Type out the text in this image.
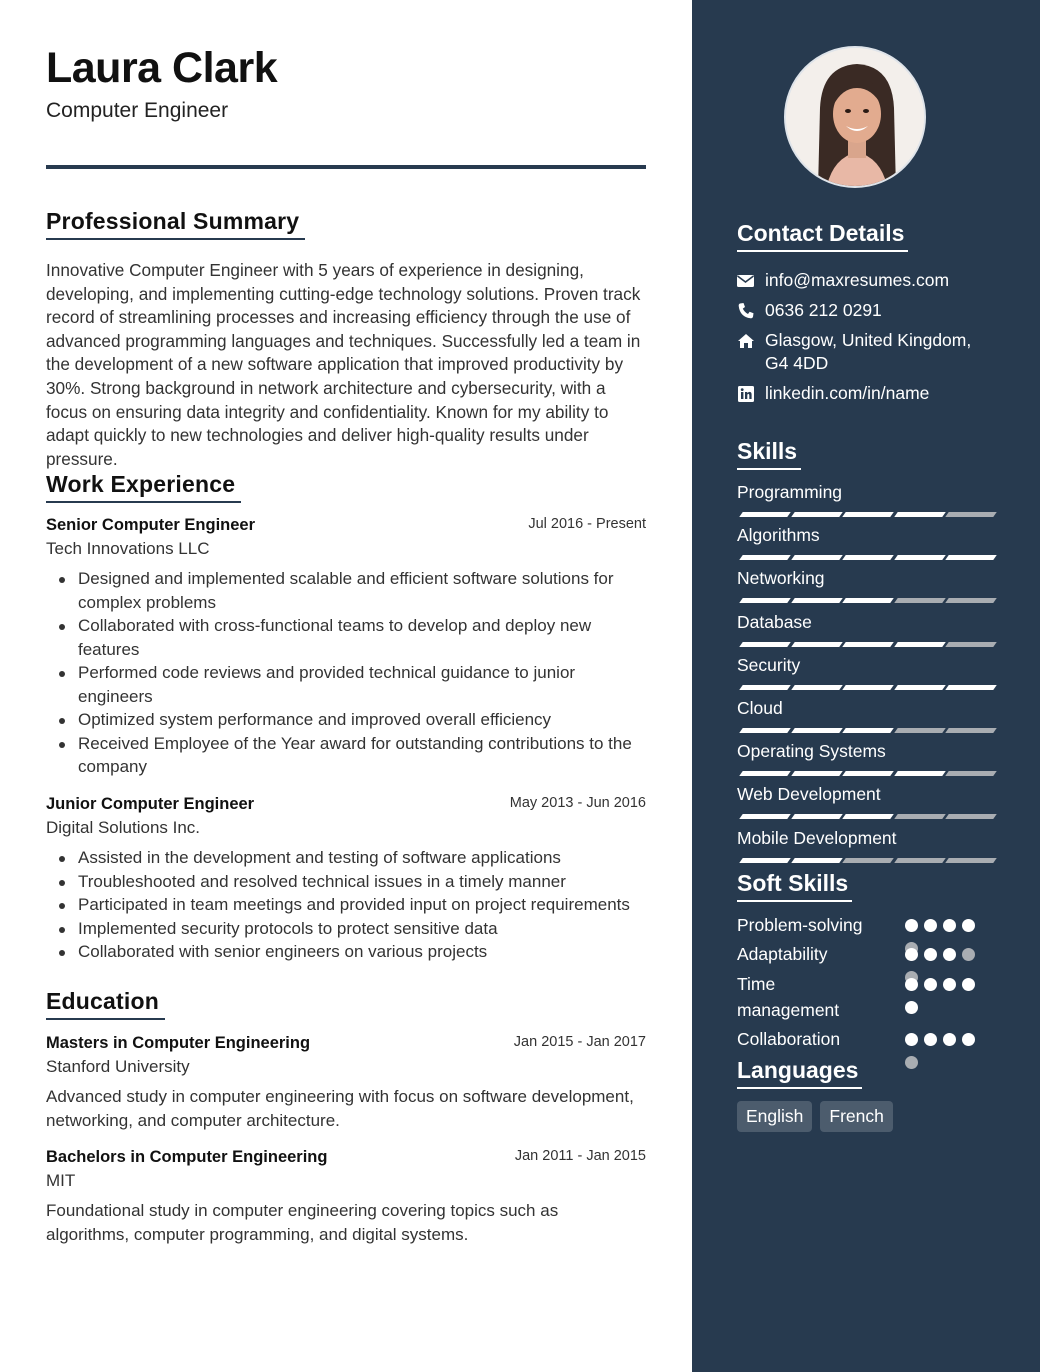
Laura Clark
Computer Engineer
Professional Summary
Innovative Computer Engineer with 5 years of experience in designing, developing, and implementing cutting-edge technology solutions. Proven track record of streamlining processes and increasing efficiency through the use of advanced programming languages and techniques. Successfully led a team in the development of a new software application that improved productivity by 30%. Strong background in network architecture and cybersecurity, with a focus on ensuring data integrity and confidentiality. Known for my ability to adapt quickly to new technologies and deliver high-quality results under pressure.
Work Experience
Senior Computer Engineer	Jul 2016 - Present
Tech Innovations LLC
Designed and implemented scalable and efficient software solutions for complex problems
Collaborated with cross-functional teams to develop and deploy new features
Performed code reviews and provided technical guidance to junior engineers
Optimized system performance and improved overall efficiency
Received Employee of the Year award for outstanding contributions to the company
Junior Computer Engineer	May 2013 - Jun 2016
Digital Solutions Inc.
Assisted in the development and testing of software applications
Troubleshooted and resolved technical issues in a timely manner
Participated in team meetings and provided input on project requirements
Implemented security protocols to protect sensitive data
Collaborated with senior engineers on various projects
Education
Masters in Computer Engineering	Jan 2015 - Jan 2017
Stanford University
Advanced study in computer engineering with focus on software development, networking, and computer architecture.
Bachelors in Computer Engineering	Jan 2011 - Jan 2015
MIT
Foundational study in computer engineering covering topics such as algorithms, computer programming, and digital systems.
Contact Details
info@maxresumes.com
0636 212 0291
Glasgow, United Kingdom,
G4 4DD
linkedin.com/in/name
Skills
Programming
Algorithms
Networking
Database
Security
Cloud
Operating Systems
Web Development
Mobile Development
Soft Skills
Problem-solving
Adaptability
Time management
Collaboration
Languages
English	French
